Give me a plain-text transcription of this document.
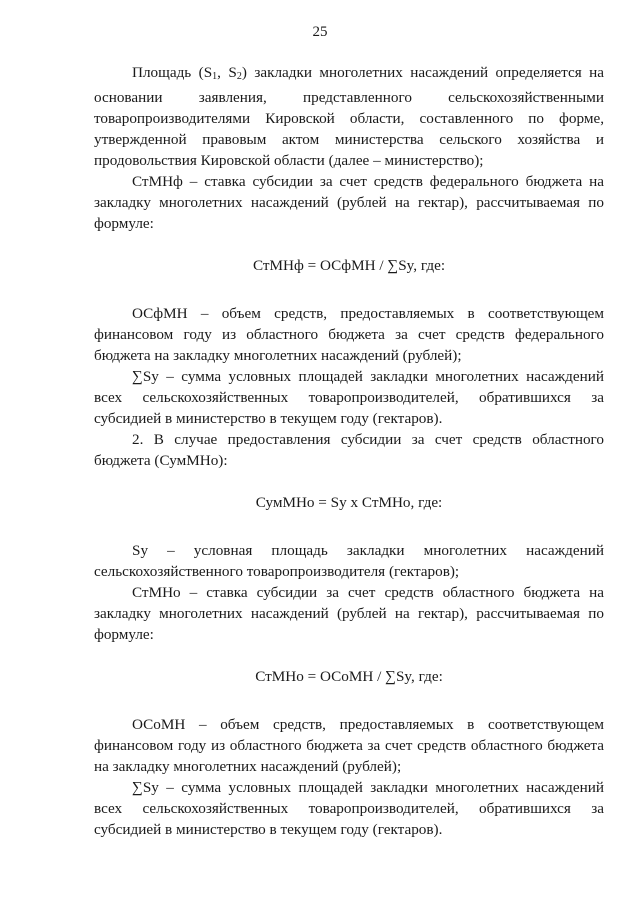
25

Площадь ($S_1$, $S_2$) закладки многолетних насаждений определяется на основании заявления, представленного сельскохозяйственными товаропроизводителями Кировской области, составленного по форме, утвержденной правовым актом министерства сельского хозяйства и продовольствия Кировской области (далее – министерство);

СтМНф – ставка субсидии за счет средств федерального бюджета на закладку многолетних насаждений (рублей на гектар), рассчитываемая по формуле:

СтМНф = ОСфМН / ∑Sy, где:

ОСфМН – объем средств, предоставляемых в соответствующем финансовом году из областного бюджета за счет средств федерального бюджета на закладку многолетних насаждений (рублей);

∑Sy – сумма условных площадей закладки многолетних насаждений всех сельскохозяйственных товаропроизводителей, обратившихся за субсидией в министерство в текущем году (гектаров).

2. В случае предоставления субсидии за счет средств областного бюджета (СумМНо):

СумМНо = Sy х СтМНо, где:

Sy – условная площадь закладки многолетних насаждений сельскохозяйственного товаропроизводителя (гектаров);

СтМНо – ставка субсидии за счет средств областного бюджета на закладку многолетних насаждений (рублей на гектар), рассчитываемая по формуле:

СтМНо = ОСоМН / ∑Sy, где:

ОСоМН – объем средств, предоставляемых в соответствующем финансовом году из областного бюджета за счет средств областного бюджета на закладку многолетних насаждений (рублей);

∑Sy – сумма условных площадей закладки многолетних насаждений всех сельскохозяйственных товаропроизводителей, обратившихся за субсидией в министерство в текущем году (гектаров).
